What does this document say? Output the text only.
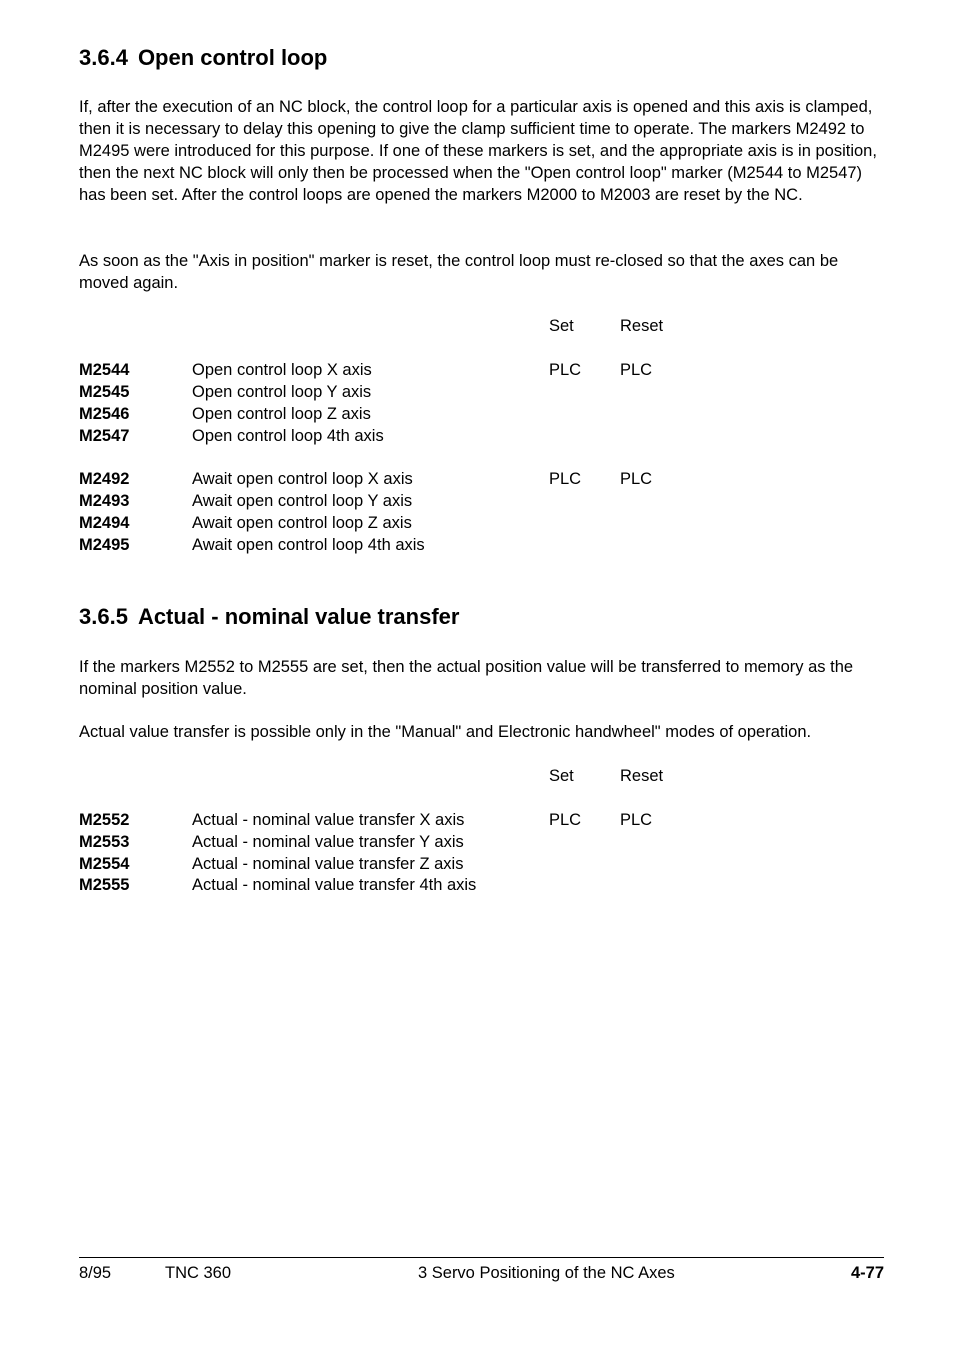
3.6.4 Open control loop

If, after the execution of an NC block, the control loop for a particular axis is opened and this axis is clamped, then it is necessary to delay this opening to give the clamp sufficient time to operate. The markers M2492 to M2495 were introduced for this purpose. If one of these markers is set, and the appropriate axis is in position, then the next NC block will only then be processed when the "Open control loop" marker (M2544 to M2547) has been set. After the control loops are opened the markers M2000 to M2003 are reset by the NC.

As soon as the "Axis in position" marker is reset, the control loop must re-closed so that the axes can be moved again.

Set	Reset
M2544	Open control loop X axis	PLC PLC
M2545	Open control loop Y axis
M2546	Open control loop Z axis
M2547	Open control loop 4th axis
M2492	Await open control loop X axis	PLC PLC
M2493	Await open control loop Y axis
M2494	Await open control loop Z axis
M2495	Await open control loop 4th axis
3.6.5 Actual - nominal value transfer

If the markers M2552 to M2555 are set, then the actual position value will be transferred to memory as the nominal position value.

Actual value transfer is possible only in the "Manual" and Electronic handwheel" modes of operation.

Set	Reset
M2552	Actual - nominal value transfer X axis	PLC PLC
M2553	Actual - nominal value transfer Y axis
M2554	Actual - nominal value transfer Z axis
M2555	Actual - nominal value transfer 4th axis
8/95	TNC 360	3 Servo Positioning of the NC Axes	4-77
